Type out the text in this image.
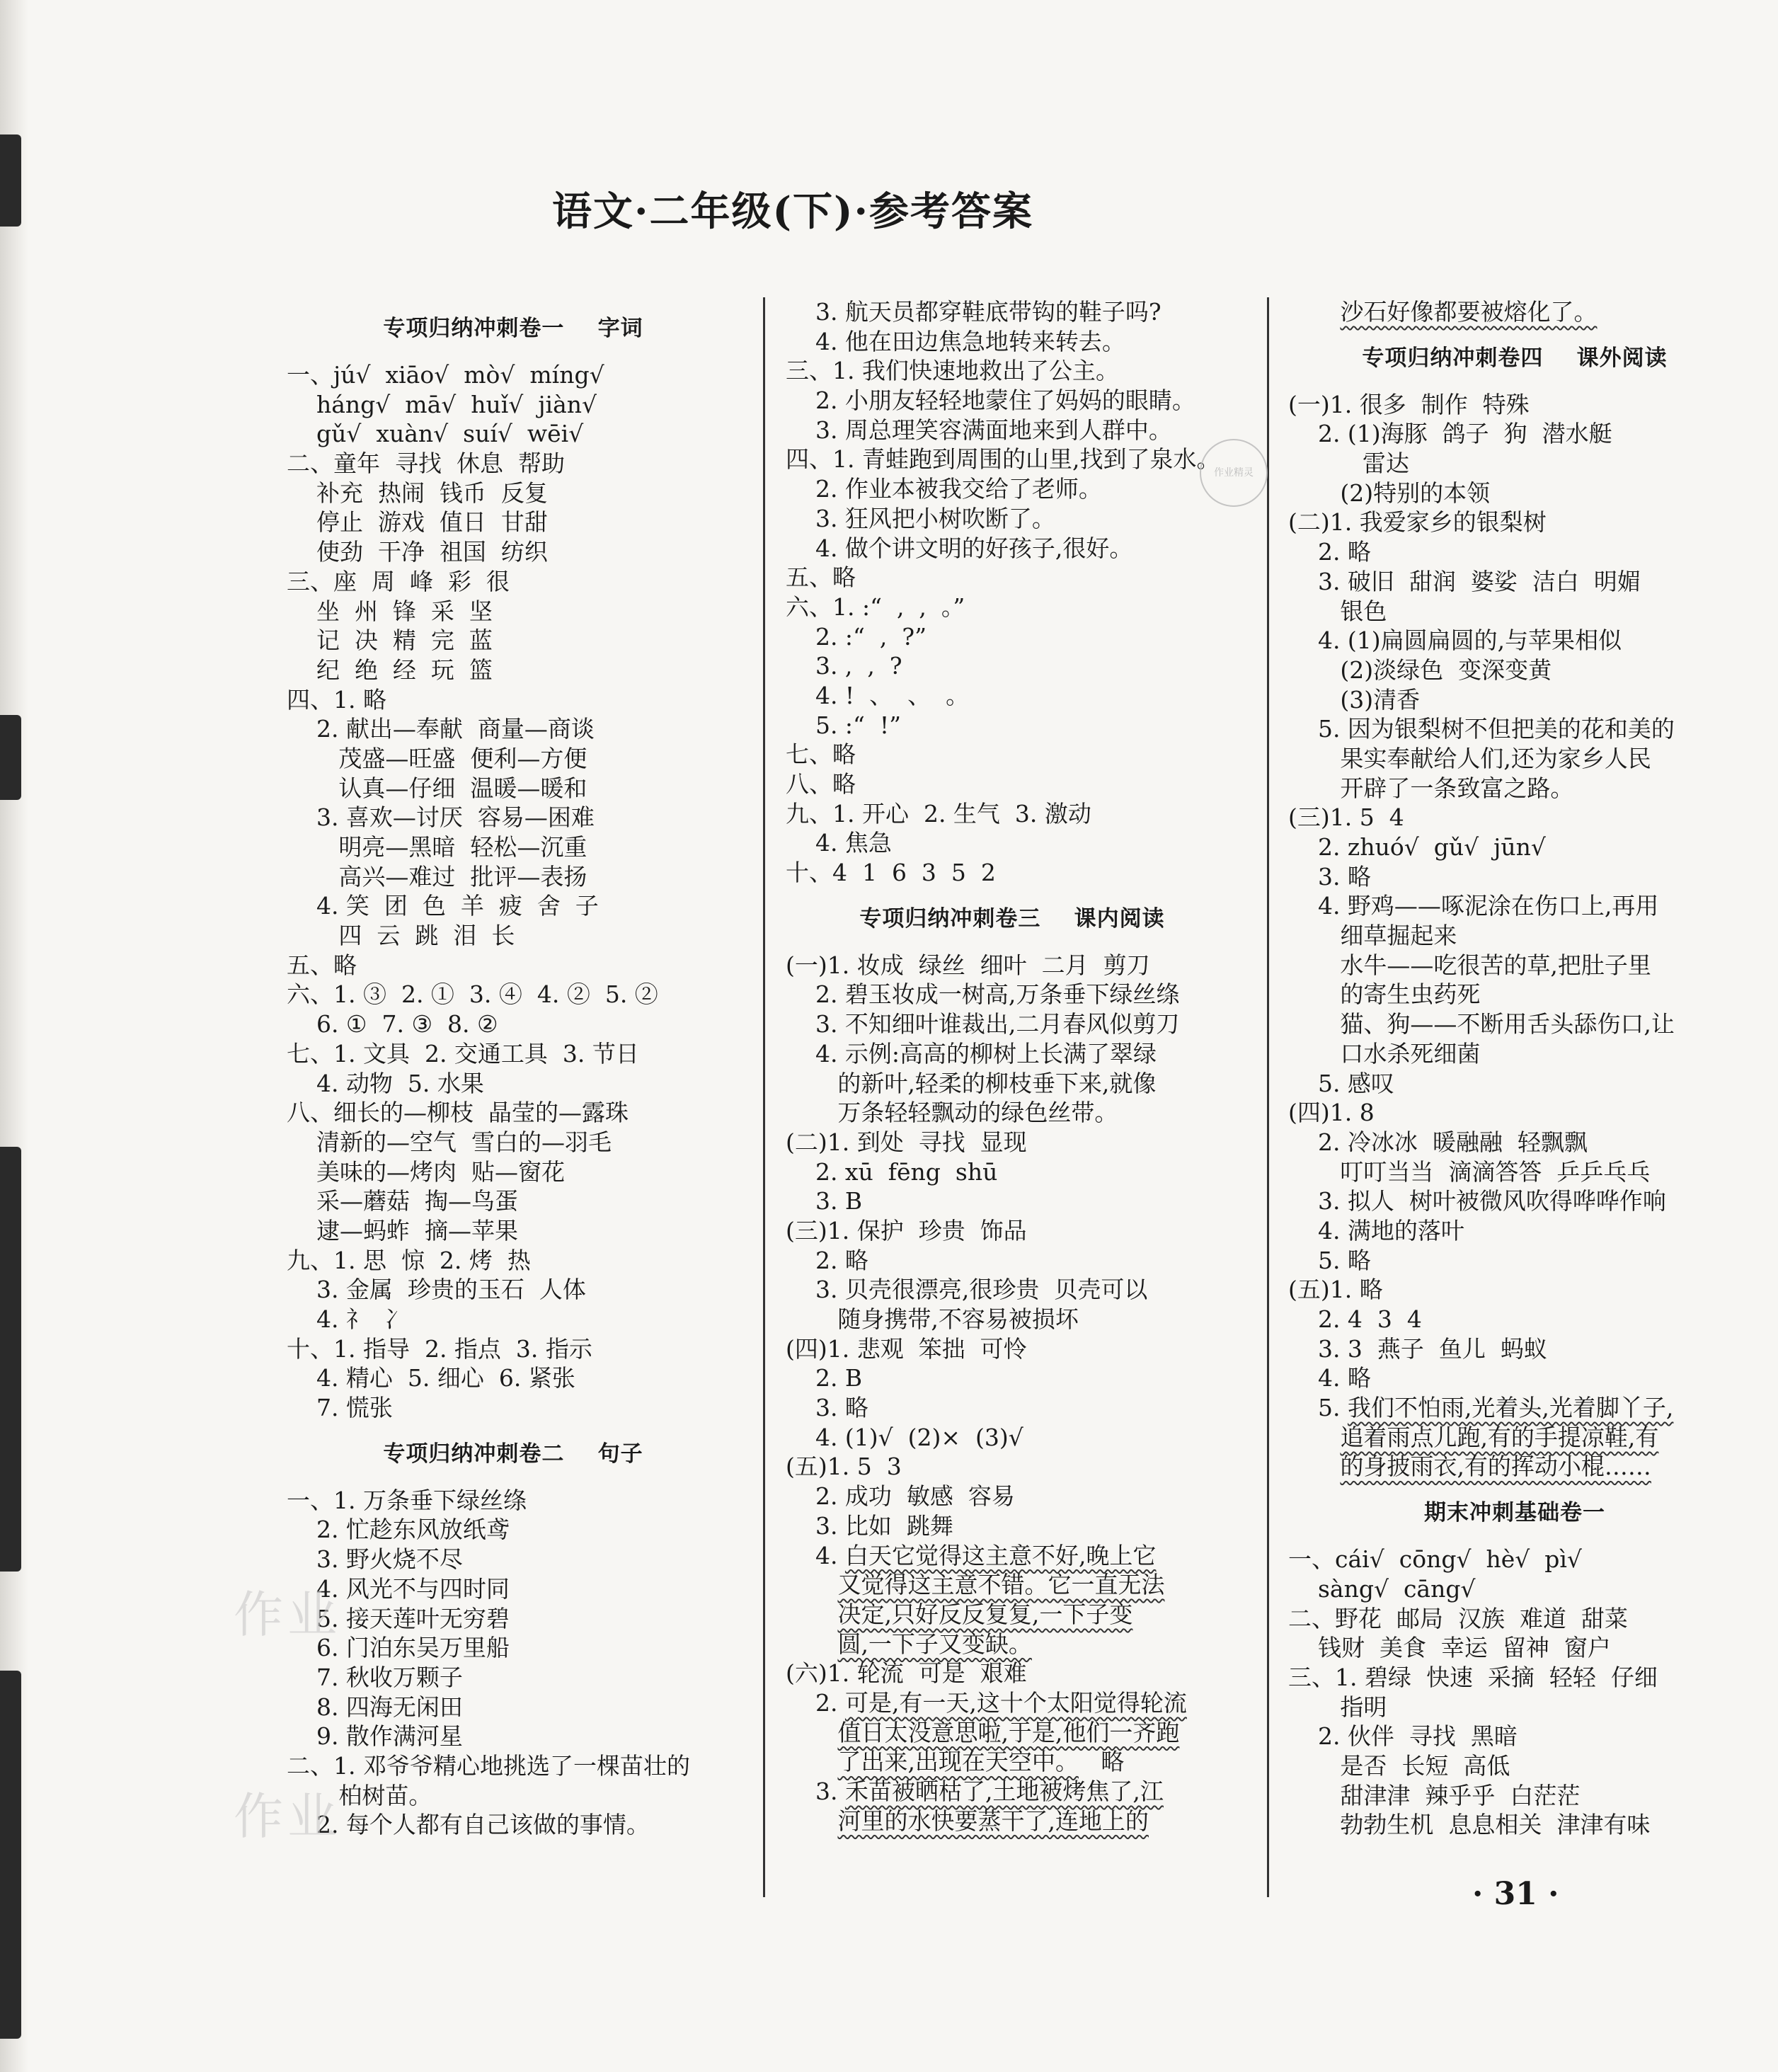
语文·二年级(下)·参考答案
专项归纳冲刺卷一    字词
一、jú√  xiāo√  mò√  míng√
háng√  mā√  huǐ√  jiàn√
gǔ√  xuàn√  suí√  wēi√
二、童年  寻找  休息  帮助
补充  热闹  钱币  反复
停止  游戏  值日  甘甜
使劲  干净  祖国  纺织
三、座  周  峰  彩  很
坐  州  锋  采  坚
记  决  精  完  蓝
纪  绝  经  玩  篮
四、1. 略
2. 献出—奉献  商量—商谈
茂盛—旺盛  便利—方便
认真—仔细  温暖—暖和
3. 喜欢—讨厌  容易—困难
明亮—黑暗  轻松—沉重
高兴—难过  批评—表扬
4. 笑  团  色  羊  疲  舍  子
四  云  跳  泪  长
五、略
六、1. ③  2. ①  3. ④  4. ②  5. ②
6. ①  7. ③  8. ②
七、1. 文具  2. 交通工具  3. 节日
4. 动物  5. 水果
八、细长的—柳枝  晶莹的—露珠
清新的—空气  雪白的—羽毛
美味的—烤肉  贴—窗花
采—蘑菇  掏—鸟蛋
逮—蚂蚱  摘—苹果
九、1. 思  惊  2. 烤  热
3. 金属  珍贵的玉石  人体
4. 礻  冫
十、1. 指导  2. 指点  3. 指示
4. 精心  5. 细心  6. 紧张
7. 慌张
专项归纳冲刺卷二    句子
一、1. 万条垂下绿丝绦
2. 忙趁东风放纸鸢
3. 野火烧不尽
4. 风光不与四时同
5. 接天莲叶无穷碧
6. 门泊东吴万里船
7. 秋收万颗子
8. 四海无闲田
9. 散作满河星
二、1. 邓爷爷精心地挑选了一棵苗壮的
柏树苗。
2. 每个人都有自己该做的事情。
3. 航天员都穿鞋底带钩的鞋子吗?
4. 他在田边焦急地转来转去。
三、1. 我们快速地救出了公主。
2. 小朋友轻轻地蒙住了妈妈的眼睛。
3. 周总理笑容满面地来到人群中。
四、1. 青蛙跑到周围的山里,找到了泉水。
2. 作业本被我交给了老师。
3. 狂风把小树吹断了。
4. 做个讲文明的好孩子,很好。
五、略
六、1. :“  ,  ,  。”
2. :“  ,  ?”
3. ,  ,  ?
4. !  、  、  。
5. :“  !”
七、略
八、略
九、1. 开心  2. 生气  3. 激动
4. 焦急
十、4  1  6  3  5  2
专项归纳冲刺卷三    课内阅读
(一)1. 妆成  绿丝  细叶  二月  剪刀
2. 碧玉妆成一树高,万条垂下绿丝绦
3. 不知细叶谁裁出,二月春风似剪刀
4. 示例:高高的柳树上长满了翠绿
的新叶,轻柔的柳枝垂下来,就像
万条轻轻飘动的绿色丝带。
(二)1. 到处  寻找  显现
2. xū  fēng  shū
3. B
(三)1. 保护  珍贵  饰品
2. 略
3. 贝壳很漂亮,很珍贵  贝壳可以
随身携带,不容易被损坏
(四)1. 悲观  笨拙  可怜
2. B
3. 略
4. (1)√  (2)×  (3)√
(五)1. 5  3
2. 成功  敏感  容易
3. 比如  跳舞
4. 白天它觉得这主意不好,晚上它
又觉得这主意不错。它一直无法
决定,只好反反复复,一下子变
圆,一下子又变缺。
(六)1. 轮流  可是  艰难
2. 可是,有一天,这十个太阳觉得轮流
值日太没意思啦,于是,他们一齐跑
了出来,出现在天空中。   略
3. 禾苗被晒枯了,土地被烤焦了,江
河里的水快要蒸干了,连地上的
沙石好像都要被熔化了。
专项归纳冲刺卷四    课外阅读
(一)1. 很多  制作  特殊
2. (1)海豚  鸽子  狗  潜水艇
雷达
(2)特别的本领
(二)1. 我爱家乡的银梨树
2. 略
3. 破旧  甜润  婆娑  洁白  明媚
银色
4. (1)扁圆扁圆的,与苹果相似
(2)淡绿色  变深变黄
(3)清香
5. 因为银梨树不但把美的花和美的
果实奉献给人们,还为家乡人民
开辟了一条致富之路。
(三)1. 5  4
2. zhuó√  gǔ√  jūn√
3. 略
4. 野鸡——啄泥涂在伤口上,再用
细草掘起来
水牛——吃很苦的草,把肚子里
的寄生虫药死
猫、狗——不断用舌头舔伤口,让
口水杀死细菌
5. 感叹
(四)1. 8
2. 冷冰冰  暖融融  轻飘飘
叮叮当当  滴滴答答  乒乒乓乓
3. 拟人  树叶被微风吹得哗哗作响
4. 满地的落叶
5. 略
(五)1. 略
2. 4  3  4
3. 3  燕子  鱼儿  蚂蚁
4. 略
5. 我们不怕雨,光着头,光着脚丫子,
追着雨点儿跑,有的手提凉鞋,有
的身披雨衣,有的挥动小棍……
期末冲刺基础卷一
一、cái√  cōng√  hè√  pì√
sàng√  cāng√
二、野花  邮局  汉族  难道  甜菜
钱财  美食  幸运  留神  窗户
三、1. 碧绿  快速  采摘  轻轻  仔细
指明
2. 伙伴  寻找  黑暗
是否  长短  高低
甜津津  辣乎乎  白茫茫
勃勃生机  息息相关  津津有味
作业精灵
作业
作业
· 31 ·
